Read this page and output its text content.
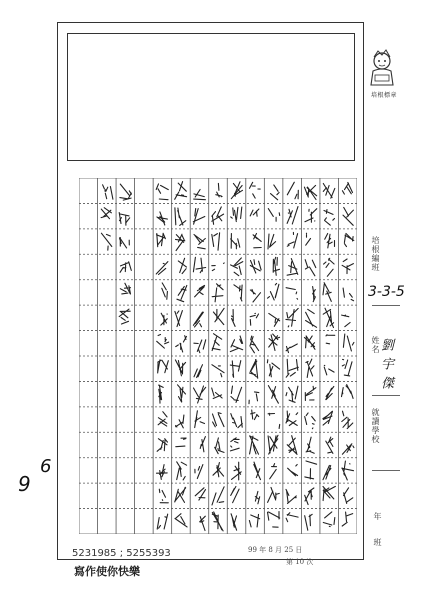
培根標章
培根編班
3-3-5
姓名
劉宇傑
就讀學校
年
班
9
6
5231985 ; 5255393
寫作使你快樂
99 年 8 月 25 日
第 10 次
